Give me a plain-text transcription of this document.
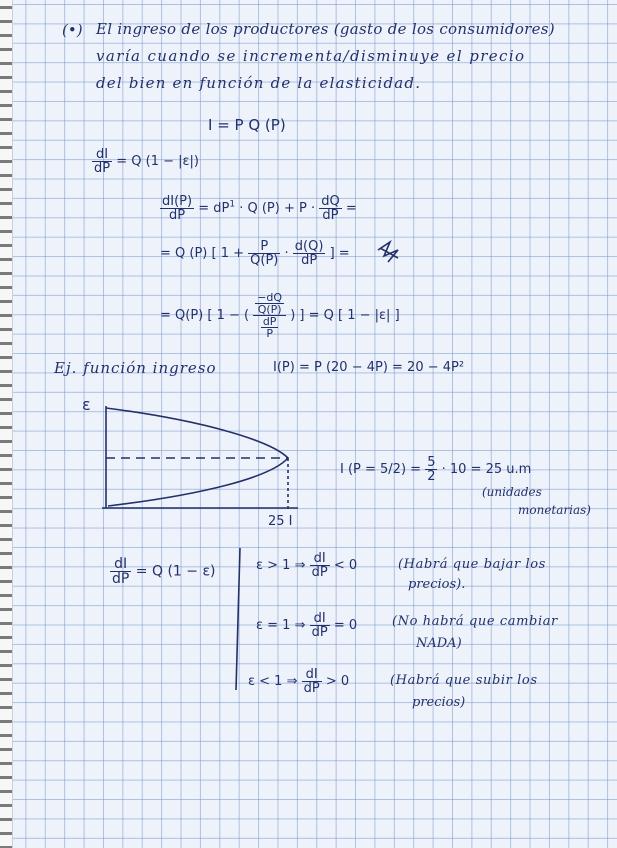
(•) El ingreso de los productores (gasto de los consumidores)
varía cuando se incrementa/disminuye el precio
del bien en función de la elasticidad.
I = P Q (P)
$\frac{dI}{dP} = Q$ (1 − |ε|)
$\frac{dI(P)}{dP} = dP^1 \cdot Q$ $(P) + P \cdot \frac{dQ}{dP}$ =
= Q (P) [ $1 + \frac{P}{Q(P)} \cdot \frac{d(Q)}{dP}$ ] =
= Q(P) [ 1 − ( $\frac{\frac{-dQ}{Q(P)}}{\frac{dP}{P}}$ ) ] = Q [ 1 − |ε| ]
Ej. función ingreso	I(P) = P (20 − 4P) = 20 − 4P²
ε
25 I
I $(P = 5/2) = \frac{5}{2} \cdot 10 = 25$ u.m
(unidades
monetarias)
$\frac{dI}{dP} = Q$ (1 − ε)	ε > 1 ⇒ $\frac{dI}{dP} < 0$	(Habrá que bajar los
precios).
ε = 1 ⇒ $\frac{dI}{dP} = 0$	(No habrá que cambiar
NADA)
ε < 1 ⇒ $\frac{dI}{dP} > 0$	(Habrá que subir los
precios)
